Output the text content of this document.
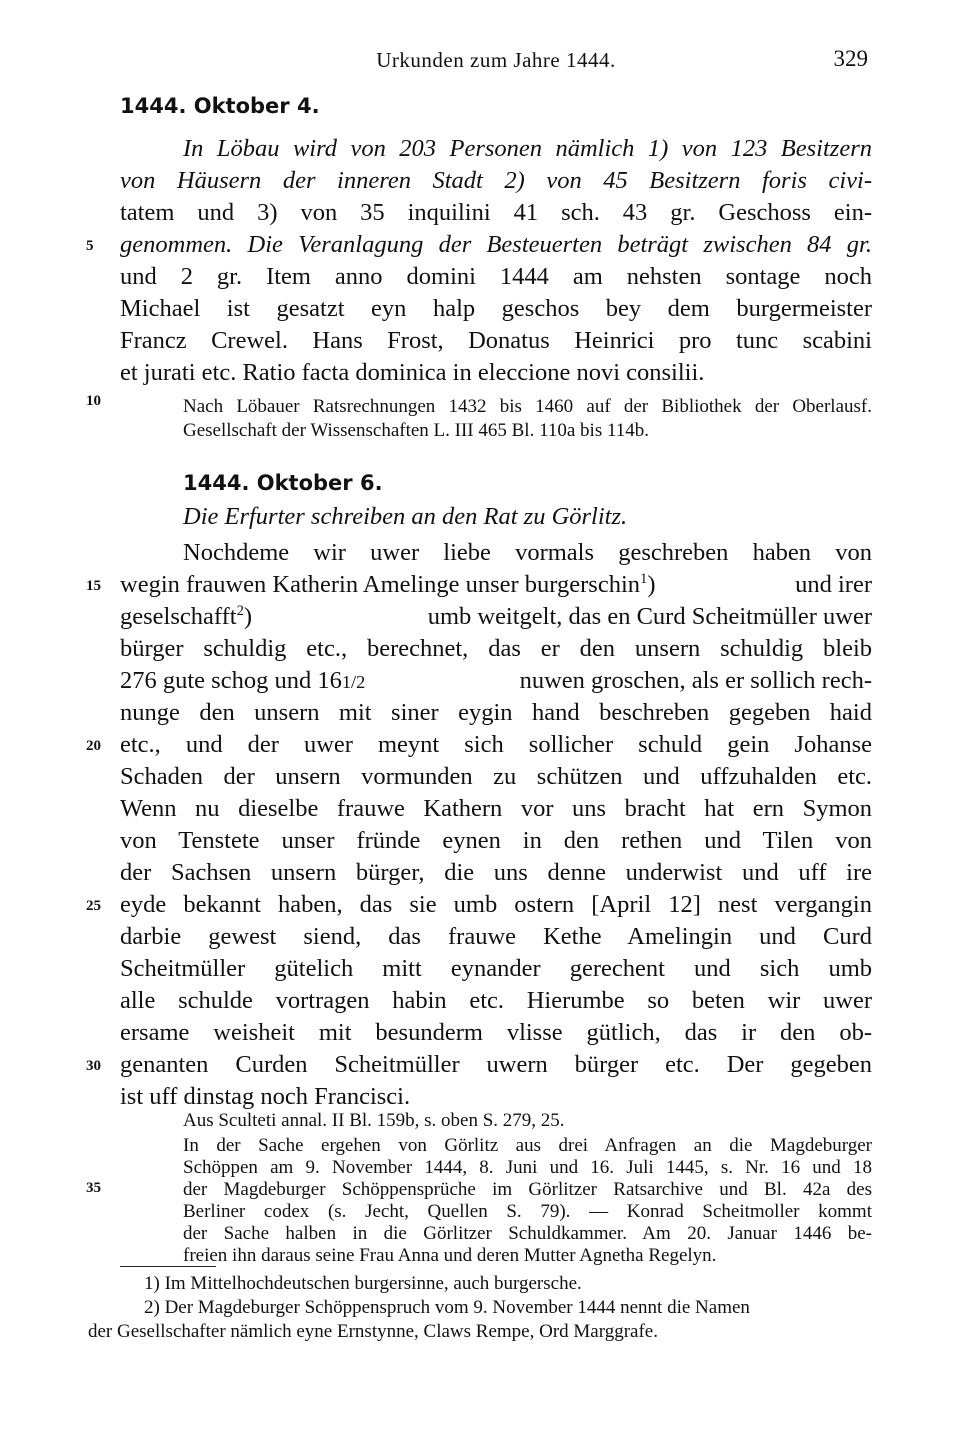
Urkunden zum Jahre 1444.	329
1444. Oktober 4.
In Löbau wird von 203 Personen nämlich 1) von 123 Besitzern
von Häusern der inneren Stadt 2) von 45 Besitzern foris civi-
tatem und 3) von 35 inquilini 41 sch. 43 gr. Geschoss ein-
genommen. Die Veranlagung der Besteuerten beträgt zwischen 84 gr.
und 2 gr. Item anno domini 1444 am nehsten sontage noch
Michael ist gesatzt eyn halp geschos bey dem burgermeister
Francz Crewel. Hans Frost, Donatus Heinrici pro tunc scabini
et jurati etc. Ratio facta dominica in eleccione novi consilii.
Nach Löbauer Ratsrechnungen 1432 bis 1460 auf der Bibliothek der Oberlausf.
Gesellschaft der Wissenschaften L. III 465 Bl. 110a bis 114b.
1444. Oktober 6.
Die Erfurter schreiben an den Rat zu Görlitz.
Nochdeme wir uwer liebe vormals geschreben haben von
wegin frauwen Katherin Amelinge unser burgerschin$^1$)	und irer
geselschafft$^2$)	umb weitgelt, das en Curd Scheitmüller uwer
bürger schuldig etc., berechnet, das er den unsern schuldig bleib
276 gute schog und 161/2	nuwen groschen, als er sollich rech-
nunge den unsern mit siner eygin hand beschreben gegeben haid
etc., und der uwer meynt sich sollicher schuld gein Johanse
Schaden der unsern vormunden zu schützen und uffzuhalden etc.
Wenn nu dieselbe frauwe Kathern vor uns bracht hat ern Symon
von Tenstete unser fründe eynen in den rethen und Tilen von
der Sachsen unsern bürger, die uns denne underwist und uff ire
eyde bekannt haben, das sie umb ostern [April 12] nest vergangin
darbie gewest siend, das frauwe Kethe Amelingin und Curd
Scheitmüller gütelich mitt eynander gerechent und sich umb
alle schulde vortragen habin etc. Hierumbe so beten wir uwer
ersame weisheit mit besunderm vlisse gütlich, das ir den ob-
genanten Curden Scheitmüller uwern bürger etc. Der gegeben
ist uff dinstag noch Francisci.
Aus Sculteti annal. II Bl. 159b, s. oben S. 279, 25.
In der Sache ergehen von Görlitz aus drei Anfragen an die Magdeburger
Schöppen am 9. November 1444, 8. Juni und 16. Juli 1445, s. Nr. 16 und 18
der Magdeburger Schöppensprüche im Görlitzer Ratsarchive und Bl. 42a des
Berliner codex (s. Jecht, Quellen S. 79). — Konrad Scheitmoller kommt
der Sache halben in die Görlitzer Schuldkammer. Am 20. Januar 1446 be-
freien ihn daraus seine Frau Anna und deren Mutter Agnetha Regelyn.
5
10
15
20
25
30
35
1) Im Mittelhochdeutschen burgersinne, auch burgersche.
2) Der Magdeburger Schöppenspruch vom 9. November 1444 nennt die Namen
der Gesellschafter nämlich eyne Ernstynne, Claws Rempe, Ord Marggrafe.
